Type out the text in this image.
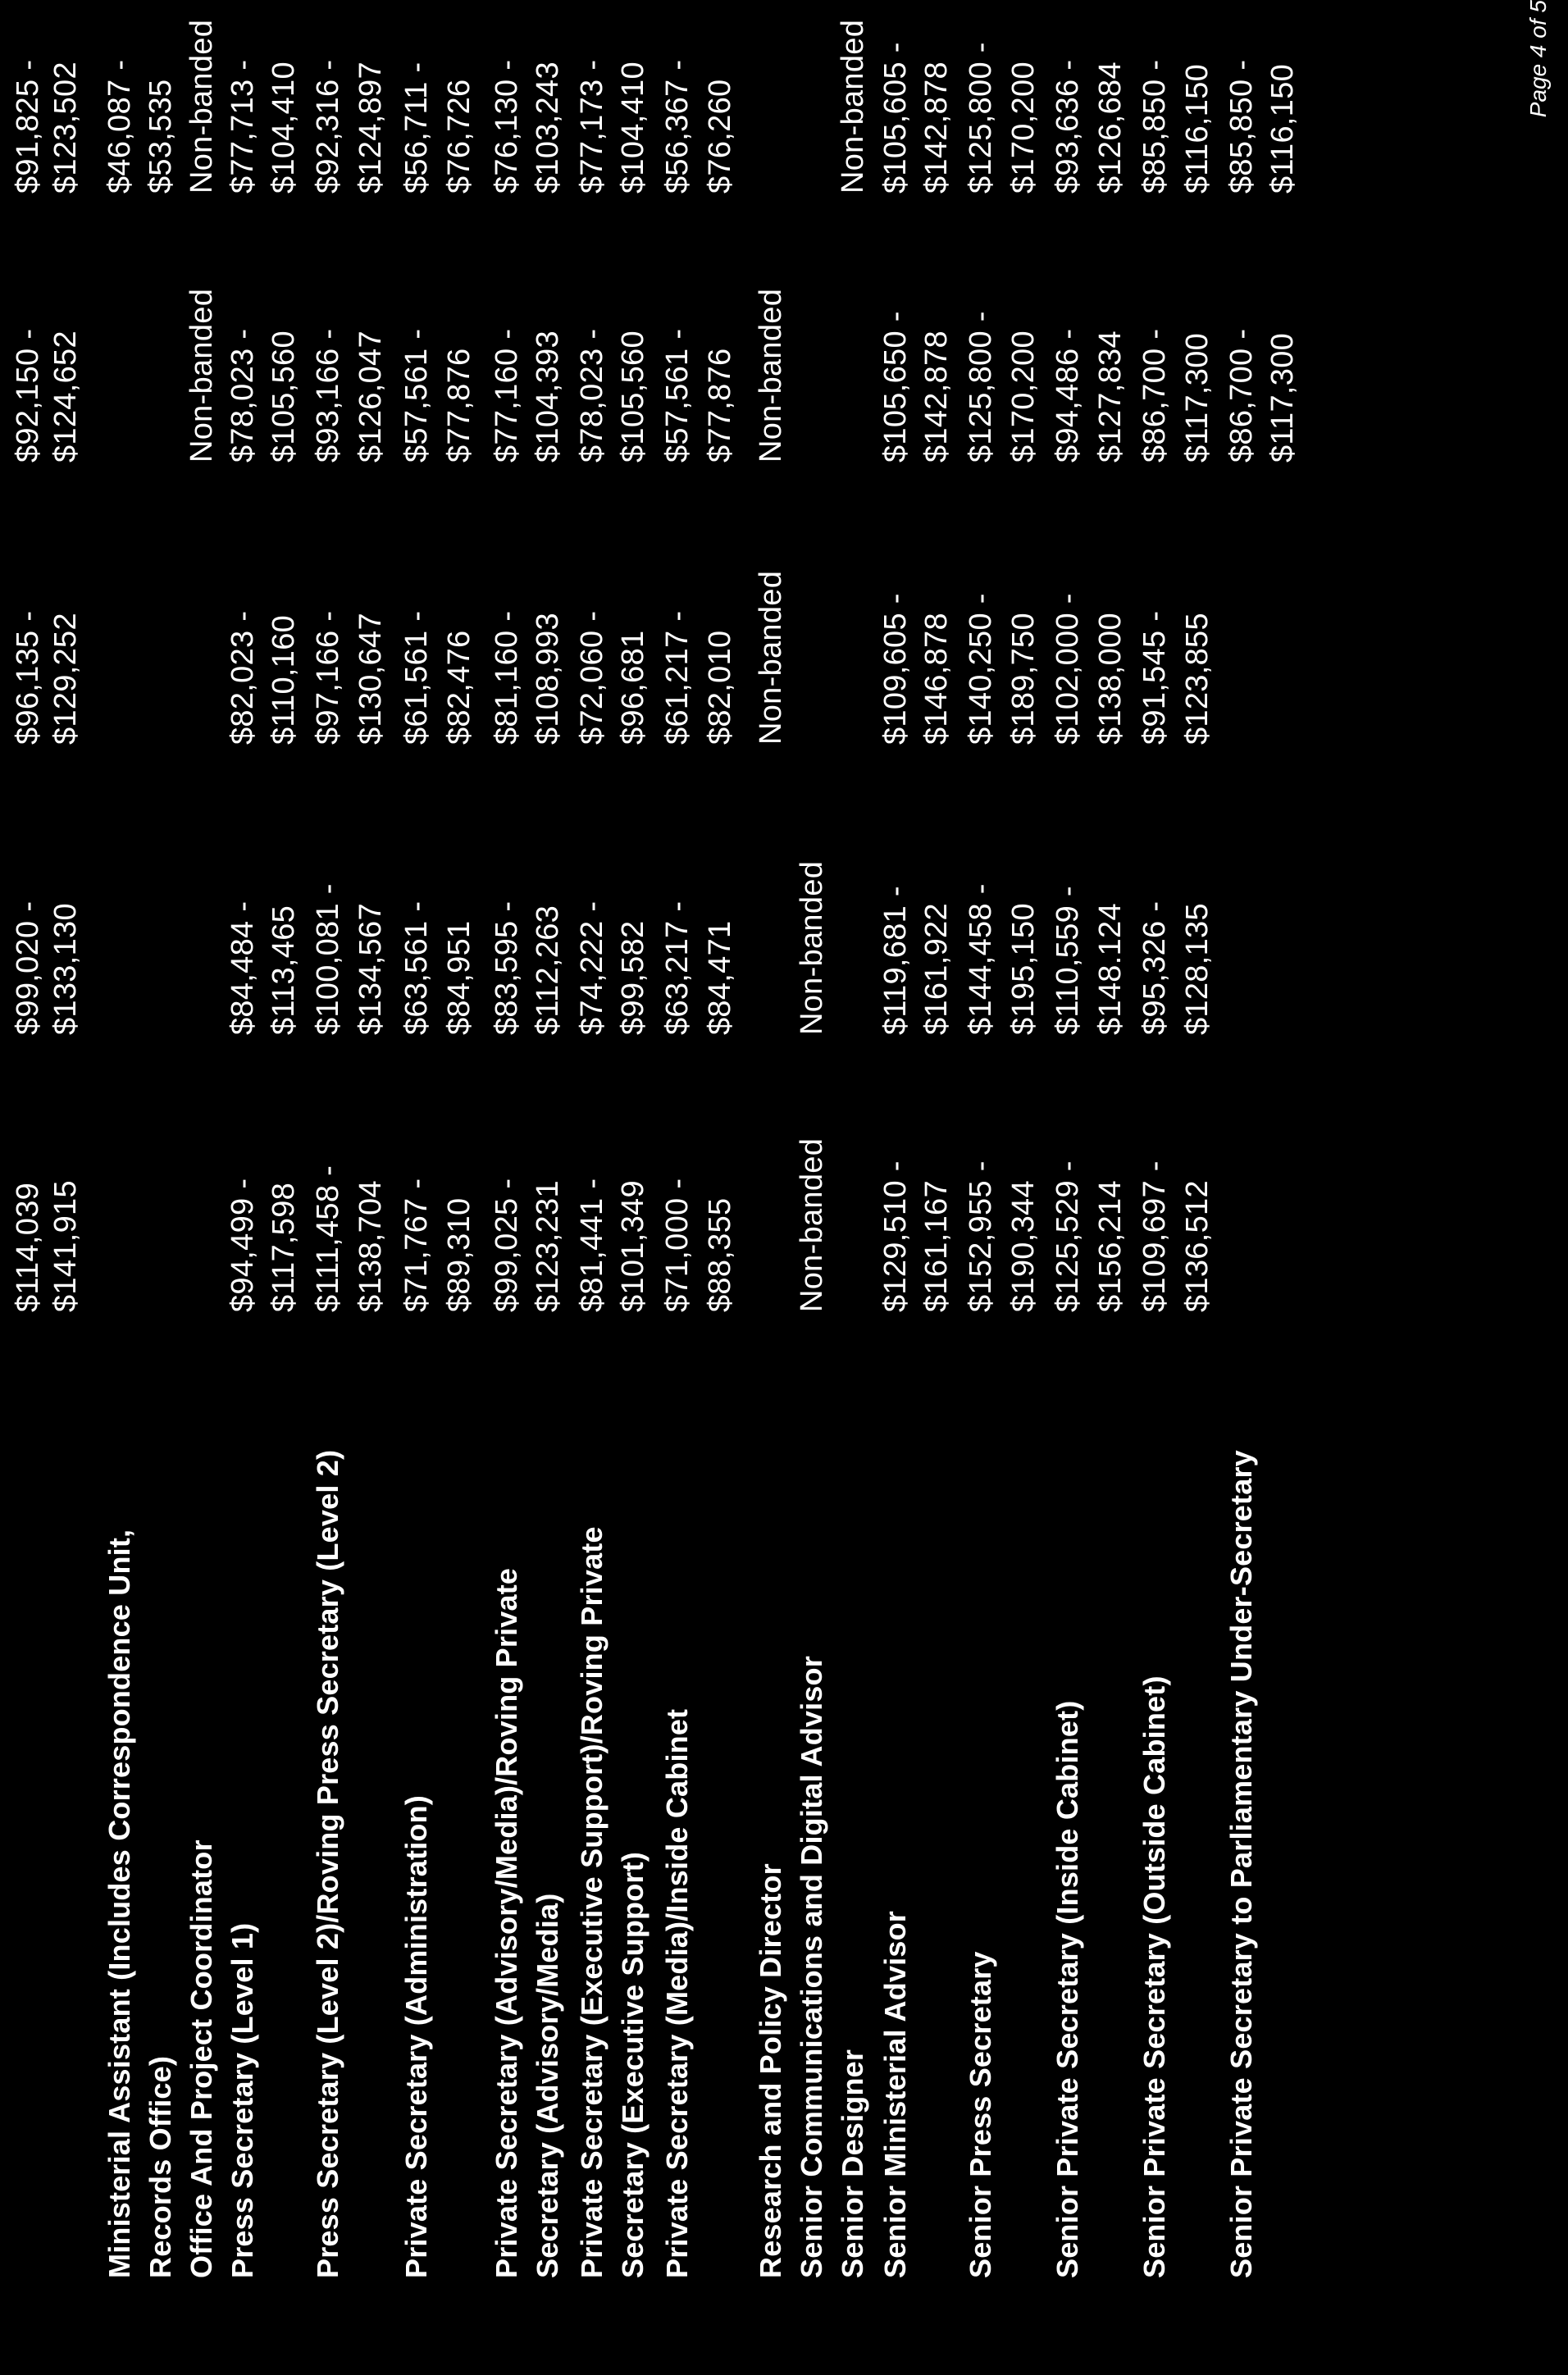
$114,039
$99,020 -
$96,135 -
$92,150 -
$91,825 -
$141,915
$133,130
$129,252
$124,652
$123,502
Ministerial Assistant (Includes Correspondence Unit,
$46,087 -
Records Office)
$53,535
Office And Project Coordinator
Non-banded
Non-banded
Press Secretary (Level 1)
$94,499 -
$84,484 -
$82,023 -
$78,023 -
$77,713 -
$117,598
$113,465
$110,160
$105,560
$104,410
Press Secretary (Level 2)/Roving Press Secretary (Level 2)
$111,458 -
$100,081 -
$97,166 -
$93,166 -
$92,316 -
$138,704
$134,567
$130,647
$126,047
$124,897
Private Secretary (Administration)
$71,767 -
$63,561 -
$61,561 -
$57,561 -
$56,711 -
$89,310
$84,951
$82,476
$77,876
$76,726
Private Secretary (Advisory/Media)/Roving Private
$99,025 -
$83,595 -
$81,160 -
$77,160 -
$76,130 -
Secretary (Advisory/Media)
$123,231
$112,263
$108,993
$104,393
$103,243
Private Secretary (Executive Support)/Roving Private
$81,441 -
$74,222 -
$72,060 -
$78,023 -
$77,173 -
Secretary (Executive Support)
$101,349
$99,582
$96,681
$105,560
$104,410
Private Secretary (Media)/Inside Cabinet
$71,000 -
$63,217 -
$61,217 -
$57,561 -
$56,367 -
$88,355
$84,471
$82,010
$77,876
$76,260
Research and Policy Director
Non-banded
Non-banded
Senior Communications and Digital Advisor
Non-banded
Non-banded
Senior Designer
Non-banded
Senior Ministerial Advisor
$129,510 -
$119,681 -
$109,605 -
$105,650 -
$105,605 -
$161,167
$161,922
$146,878
$142,878
$142,878
Senior Press Secretary
$152,955 -
$144,458 -
$140,250 -
$125,800 -
$125,800 -
$190,344
$195,150
$189,750
$170,200
$170,200
Senior Private Secretary (Inside Cabinet)
$125,529 -
$110,559 -
$102,000 -
$94,486 -
$93,636 -
$156,214
$148.124
$138,000
$127,834
$126,684
Senior Private Secretary (Outside Cabinet)
$109,697 -
$95,326 -
$91,545 -
$86,700 -
$85,850 -
$136,512
$128,135
$123,855
$117,300
$116,150
Senior Private Secretary to Parliamentary Under-Secretary
$86,700 -
$85,850 -
$117,300
$116,150
Page 4 of 5
